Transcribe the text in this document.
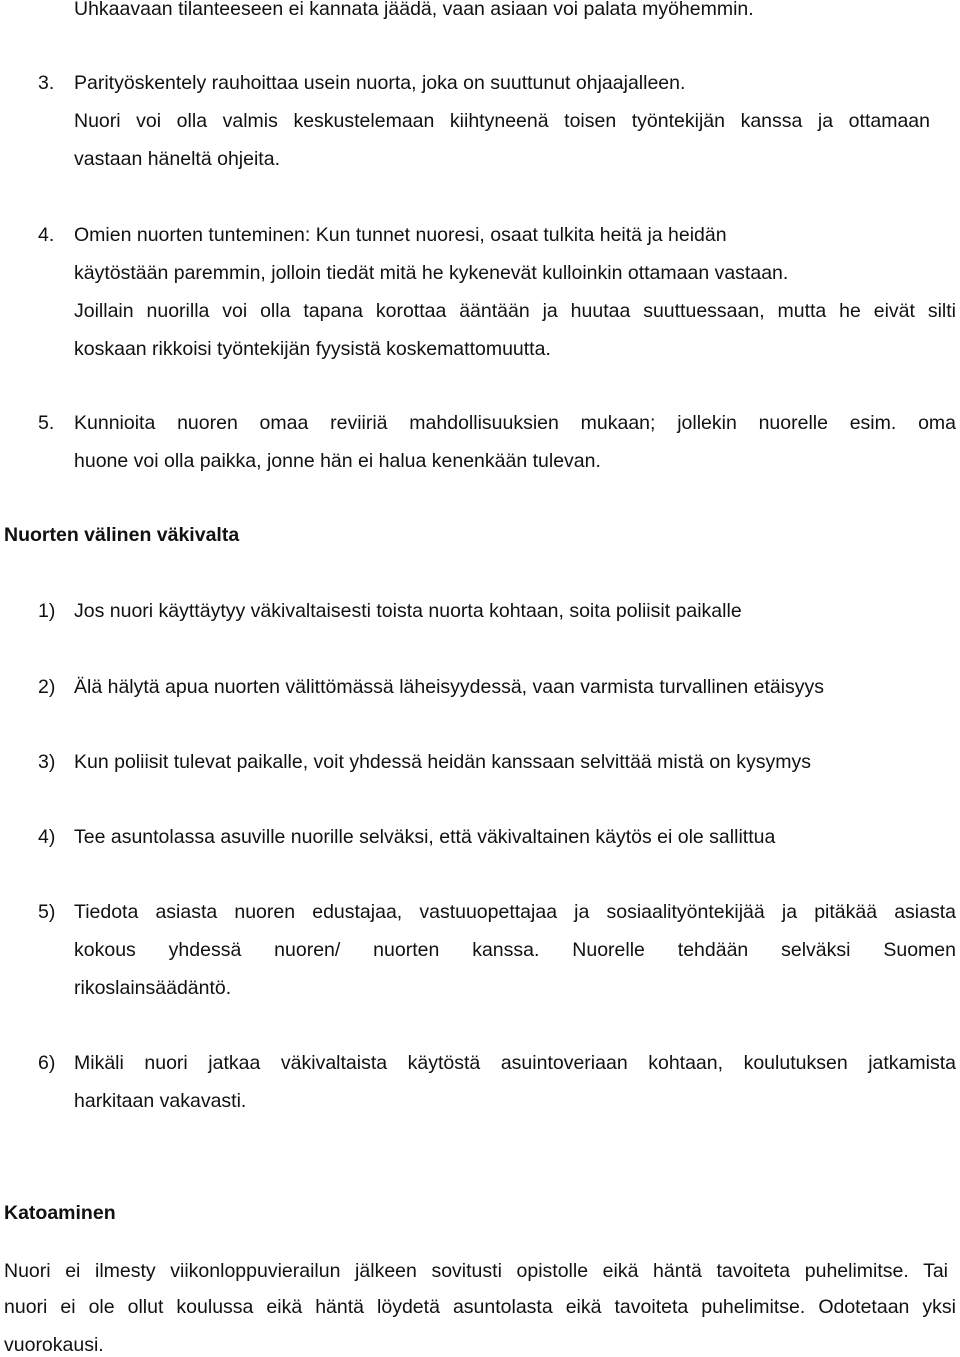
Uhkaavaan tilanteeseen ei kannata jäädä, vaan asiaan voi palata myöhemmin.
3. Parityöskentely rauhoittaa usein nuorta, joka on suuttunut ohjaajalleen.
Nuori voi olla valmis keskustelemaan kiihtyneenä toisen työntekijän kanssa ja ottamaan
vastaan häneltä ohjeita.
4. Omien nuorten tunteminen: Kun tunnet nuoresi, osaat tulkita heitä ja heidän
käytöstään paremmin, jolloin tiedät mitä he kykenevät kulloinkin ottamaan vastaan.
Joillain nuorilla voi olla tapana korottaa ääntään ja huutaa suuttuessaan, mutta he eivät silti
koskaan rikkoisi työntekijän fyysistä koskemattomuutta.
5. Kunnioita nuoren omaa reviiriä mahdollisuuksien mukaan; jollekin nuorelle esim. oma
huone voi olla paikka, jonne hän ei halua kenenkään tulevan.
Nuorten välinen väkivalta
1) Jos nuori käyttäytyy väkivaltaisesti toista nuorta kohtaan, soita poliisit paikalle
2) Älä hälytä apua nuorten välittömässä läheisyydessä, vaan varmista turvallinen etäisyys
3) Kun poliisit tulevat paikalle, voit yhdessä heidän kanssaan selvittää mistä on kysymys
4) Tee asuntolassa asuville nuorille selväksi, että väkivaltainen käytös ei ole sallittua
5) Tiedota asiasta nuoren edustajaa, vastuuopettajaa ja sosiaalityöntekijää ja pitäkää asiasta
kokous yhdessä nuoren/ nuorten kanssa. Nuorelle tehdään selväksi Suomen
rikoslainsäädäntö.
6) Mikäli nuori jatkaa väkivaltaista käytöstä asuintoveriaan kohtaan, koulutuksen jatkamista
harkitaan vakavasti.
Katoaminen
Nuori ei ilmesty viikonloppuvierailun jälkeen sovitusti opistolle eikä häntä tavoiteta puhelimitse. Tai
nuori ei ole ollut koulussa eikä häntä löydetä asuntolasta eikä tavoiteta puhelimitse. Odotetaan yksi
vuorokausi.
